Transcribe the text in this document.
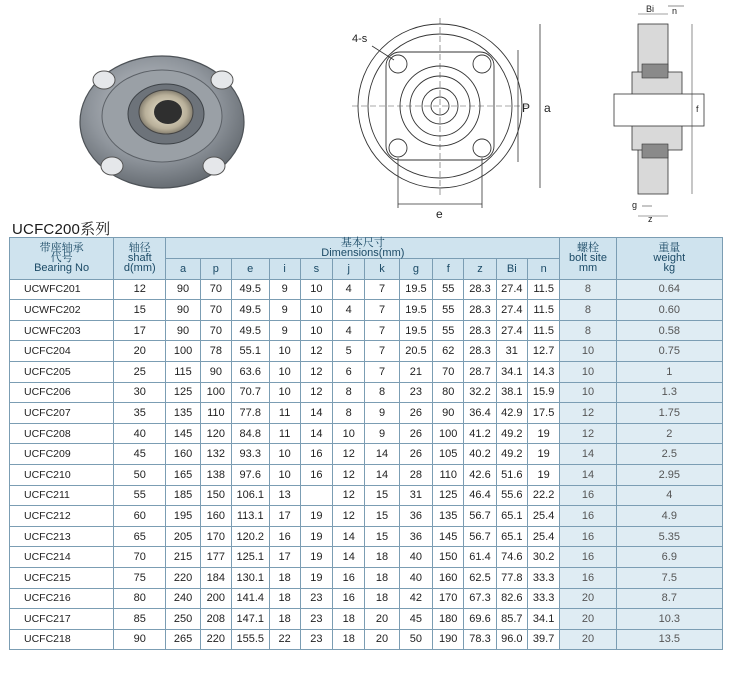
4-s
P a
e
Bi n
f
g
z
UCFC200系列
带座轴承
代号
Bearing No	轴径
shaft
d(mm)	基本尺寸
Dimensions(mm)												螺栓
bolt site
mm	重量
weight
kg

		a	p	e	i	s	j	k	g	f	z	Bi	n		
UCWFC201	12	90	70	49.5	9	10	4	7	19.5	55	28.3	27.4	11.5	8	0.64
UCWFC202	15	90	70	49.5	9	10	4	7	19.5	55	28.3	27.4	11.5	8	0.60
UCWFC203	17	90	70	49.5	9	10	4	7	19.5	55	28.3	27.4	11.5	8	0.58
UCFC204	20	100	78	55.1	10	12	5	7	20.5	62	28.3	31	12.7	10	0.75
UCFC205	25	115	90	63.6	10	12	6	7	21	70	28.7	34.1	14.3	10	1
UCFC206	30	125	100	70.7	10	12	8	8	23	80	32.2	38.1	15.9	10	1.3
UCFC207	35	135	110	77.8	11	14	8	9	26	90	36.4	42.9	17.5	12	1.75
UCFC208	40	145	120	84.8	11	14	10	9	26	100	41.2	49.2	19	12	2
UCFC209	45	160	132	93.3	10	16	12	14	26	105	40.2	49.2	19	14	2.5
UCFC210	50	165	138	97.6	10	16	12	14	28	110	42.6	51.6	19	14	2.95
UCFC211	55	185	150	106.1	13		12	15	31	125	46.4	55.6	22.2	16	4
UCFC212	60	195	160	113.1	17	19	12	15	36	135	56.7	65.1	25.4	16	4.9
UCFC213	65	205	170	120.2	16	19	14	15	36	145	56.7	65.1	25.4	16	5.35
UCFC214	70	215	177	125.1	17	19	14	18	40	150	61.4	74.6	30.2	16	6.9
UCFC215	75	220	184	130.1	18	19	16	18	40	160	62.5	77.8	33.3	16	7.5
UCFC216	80	240	200	141.4	18	23	16	18	42	170	67.3	82.6	33.3	20	8.7
UCFC217	85	250	208	147.1	18	23	18	20	45	180	69.6	85.7	34.1	20	10.3
UCFC218	90	265	220	155.5	22	23	18	20	50	190	78.3	96.0	39.7	20	13.5
